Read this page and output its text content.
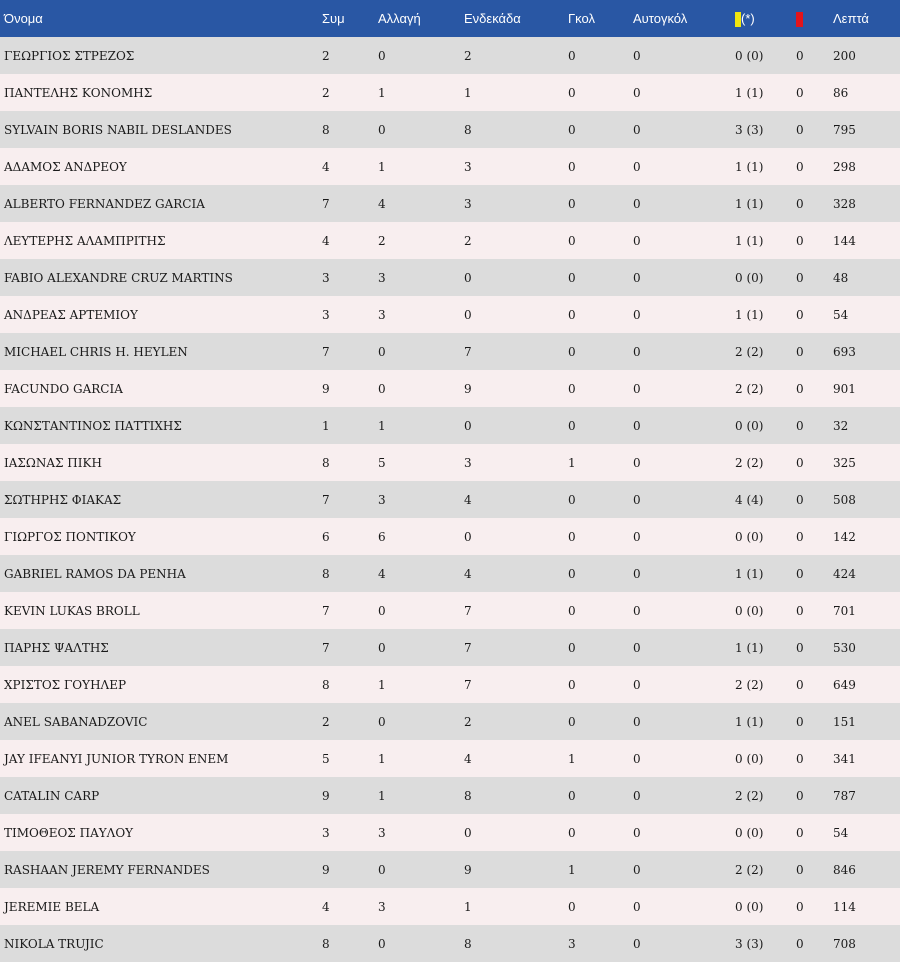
Όνομα	Συμ	Αλλαγή	Ενδεκάδα	Γκολ	Αυτογκόλ	(*)		Λεπτά
ΓΕΩΡΓΙΟΣ ΣΤΡΕΖΟΣ	2	0	2	0	0	0 (0)	0	200
ΠΑΝΤΕΛΗΣ ΚΟΝΟΜΗΣ	2	1	1	0	0	1 (1)	0	86
SYLVAIN BORIS NABIL DESLANDES	8	0	8	0	0	3 (3)	0	795
ΑΔΑΜΟΣ ΑΝΔΡΕΟΥ	4	1	3	0	0	1 (1)	0	298
ALBERTO FERNANDEZ GARCIA	7	4	3	0	0	1 (1)	0	328
ΛΕΥΤΕΡΗΣ ΑΛΑΜΠΡΙΤΗΣ	4	2	2	0	0	1 (1)	0	144
FABIO ALEXANDRE CRUZ MARTINS	3	3	0	0	0	0 (0)	0	48
ΑΝΔΡΕΑΣ ΑΡΤΕΜΙΟΥ	3	3	0	0	0	1 (1)	0	54
MICHAEL CHRIS H. HEYLEN	7	0	7	0	0	2 (2)	0	693
FACUNDO GARCIA	9	0	9	0	0	2 (2)	0	901
ΚΩΝΣΤΑΝΤΙΝΟΣ ΠΑΤΤΙΧΗΣ	1	1	0	0	0	0 (0)	0	32
ΙΑΣΩΝΑΣ ΠΙΚΗ	8	5	3	1	0	2 (2)	0	325
ΣΩΤΗΡΗΣ ΦΙΑΚΑΣ	7	3	4	0	0	4 (4)	0	508
ΓΙΩΡΓΟΣ ΠΟΝΤΙΚΟΥ	6	6	0	0	0	0 (0)	0	142
GABRIEL RAMOS DA PENHA	8	4	4	0	0	1 (1)	0	424
KEVIN LUKAS BROLL	7	0	7	0	0	0 (0)	0	701
ΠΑΡΗΣ ΨΑΛΤΗΣ	7	0	7	0	0	1 (1)	0	530
ΧΡΙΣΤΟΣ ΓΟΥΗΛΕΡ	8	1	7	0	0	2 (2)	0	649
ANEL SABANADZOVIC	2	0	2	0	0	1 (1)	0	151
JAY IFEANYI JUNIOR TYRON ENEM	5	1	4	1	0	0 (0)	0	341
CATALIN CARP	9	1	8	0	0	2 (2)	0	787
ΤΙΜΟΘΕΟΣ ΠΑΥΛΟΥ	3	3	0	0	0	0 (0)	0	54
RASHAAN JEREMY FERNANDES	9	0	9	1	0	2 (2)	0	846
JEREMIE BELA	4	3	1	0	0	0 (0)	0	114
NIKOLA TRUJIC	8	0	8	3	0	3 (3)	0	708
